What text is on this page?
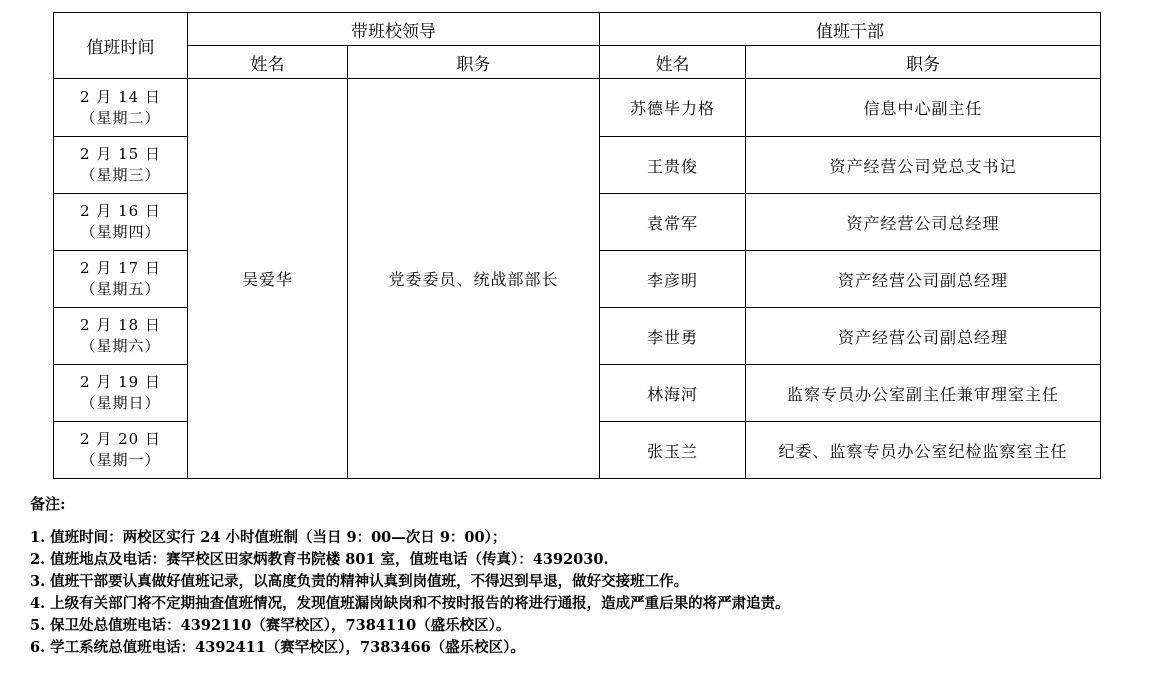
值班时间	带班校领导		值班干部	
	姓名	职务	姓名	职务

2 月 14 日
（星期二）	吴爱华	党委委员、统战部部长	苏德毕力格	信息中心副主任

2 月 15 日
（星期三）			王贵俊	资产经营公司党总支书记

2 月 16 日
（星期四）			袁常军	资产经营公司总经理

2 月 17 日
（星期五）			李彦明	资产经营公司副总经理

2 月 18 日
（星期六）			李世勇	资产经营公司副总经理

2 月 19 日
（星期日）			林海河	监察专员办公室副主任兼审理室主任

2 月 20 日
（星期一）			张玉兰	纪委、监察专员办公室纪检监察室主任
备注:
1. 值班时间：两校区实行 24 小时值班制（当日 9：00—次日 9：00）；
2. 值班地点及电话：赛罕校区田家炳教育书院楼 801 室，值班电话（传真）：4392030.
3. 值班干部要认真做好值班记录，以高度负责的精神认真到岗值班，不得迟到早退，做好交接班工作。
4. 上级有关部门将不定期抽查值班情况，发现值班漏岗缺岗和不按时报告的将进行通报，造成严重后果的将严肃追责。
5. 保卫处总值班电话：4392110（赛罕校区），7384110（盛乐校区）。
6. 学工系统总值班电话：4392411（赛罕校区），7383466（盛乐校区）。
